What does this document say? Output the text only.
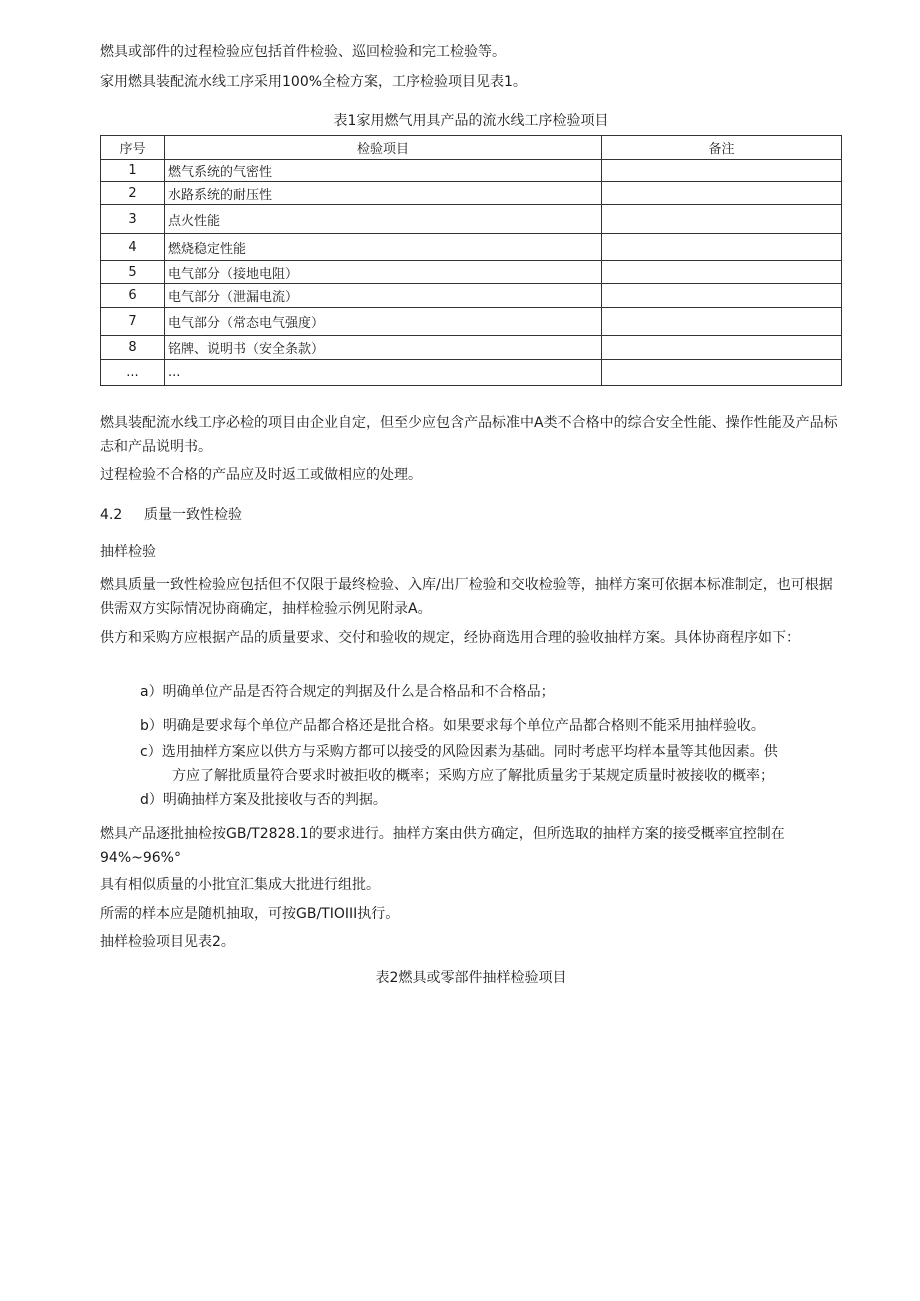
燃具或部件的过程检验应包括首件检验、巡回检验和完工检验等。

家用燃具装配流水线工序采用100%全检方案，工序检验项目见表1。

表1家用燃气用具产品的流水线工序检验项目
序号	检验项目	备注
1	燃气系统的气密性	
2	水路系统的耐压性	
3	点火性能	
4	燃烧稳定性能	
5	电气部分（接地电阻）	
6	电气部分（泄漏电流）	
7	电气部分（常态电气强度）	
8	铭牌、说明书（安全条款）	
...	...	

燃具装配流水线工序必检的项目由企业自定，但至少应包含产品标准中A类不合格中的综合安全性能、操作性能及产品标志和产品说明书。

过程检验不合格的产品应及时返工或做相应的处理。

4.2 质量一致性检验

抽样检验

燃具质量一致性检验应包括但不仅限于最终检验、入库/出厂检验和交收检验等，抽样方案可依据本标准制定，也可根据供需双方实际情况协商确定，抽样检验示例见附录A。

供方和采购方应根据产品的质量要求、交付和验收的规定，经协商选用合理的验收抽样方案。具体协商程序如下：

a）明确单位产品是否符合规定的判据及什么是合格品和不合格品；

b）明确是要求每个单位产品都合格还是批合格。如果要求每个单位产品都合格则不能采用抽样验收。

c）选用抽样方案应以供方与采购方都可以接受的风险因素为基础。同时考虑平均样本量等其他因素。供

方应了解批质量符合要求时被拒收的概率；采购方应了解批质量劣于某规定质量时被接收的概率；

d）明确抽样方案及批接收与否的判据。

燃具产品逐批抽检按GB/T2828.1的要求进行。抽样方案由供方确定，但所选取的抽样方案的接受概率宜控制在94%~96%°

具有相似质量的小批宜汇集成大批进行组批。

所需的样本应是随机抽取，可按GB/TIOIII执行。

抽样检验项目见表2。

表2燃具或零部件抽样检验项目
